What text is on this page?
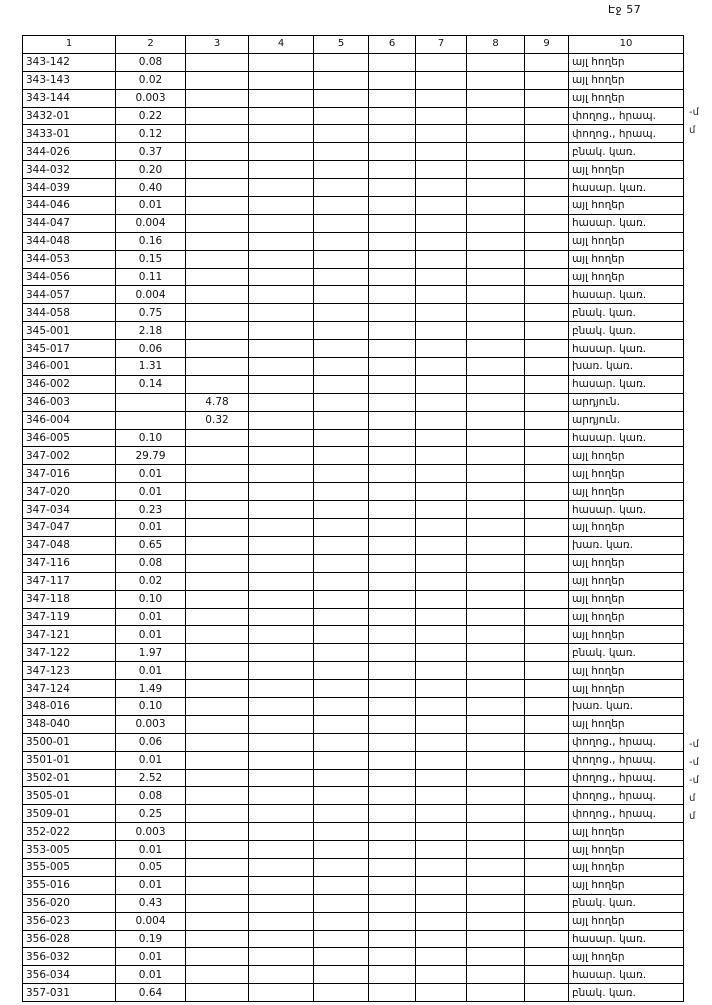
Էջ 57
1	2	3	4	5	6	7	8	9	10
343-142	0.08								այլ հողեր
343-143	0.02								այլ հողեր
343-144	0.003								այլ հողեր
3432-01	0.22								փողոց., հրապ.
3433-01	0.12								փողոց., հրապ.
344-026	0.37								բնակ. կառ.
344-032	0.20								այլ հողեր
344-039	0.40								հասար. կառ.
344-046	0.01								այլ հողեր
344-047	0.004								հասար. կառ.
344-048	0.16								այլ հողեր
344-053	0.15								այլ հողեր
344-056	0.11								այլ հողեր
344-057	0.004								հասար. կառ.
344-058	0.75								բնակ. կառ.
345-001	2.18								բնակ. կառ.
345-017	0.06								հասար. կառ.
346-001	1.31								խառ. կառ.
346-002	0.14								հասար. կառ.
346-003		4.78							արդյուն.
346-004		0.32							արդյուն.
346-005	0.10								հասար. կառ.
347-002	29.79								այլ հողեր
347-016	0.01								այլ հողեր
347-020	0.01								այլ հողեր
347-034	0.23								հասար. կառ.
347-047	0.01								այլ հողեր
347-048	0.65								խառ. կառ.
347-116	0.08								այլ հողեր
347-117	0.02								այլ հողեր
347-118	0.10								այլ հողեր
347-119	0.01								այլ հողեր
347-121	0.01								այլ հողեր
347-122	1.97								բնակ. կառ.
347-123	0.01								այլ հողեր
347-124	1.49								այլ հողեր
348-016	0.10								խառ. կառ.
348-040	0.003								այլ հողեր
3500-01	0.06								փողոց., հրապ.
3501-01	0.01								փողոց., հրապ.
3502-01	2.52								փողոց., հրապ.
3505-01	0.08								փողոց., հրապ.
3509-01	0.25								փողոց., հրապ.
352-022	0.003								այլ հողեր
353-005	0.01								այլ հողեր
355-005	0.05								այլ հողեր
355-016	0.01								այլ հողեր
356-020	0.43								բնակ. կառ.
356-023	0.004								այլ հողեր
356-028	0.19								հասար. կառ.
356-032	0.01								այլ հողեր
356-034	0.01								հասար. կառ.
357-031	0.64								բնակ. կառ.
-մ
մ
-մ
-մ
-մ
մ
մ
